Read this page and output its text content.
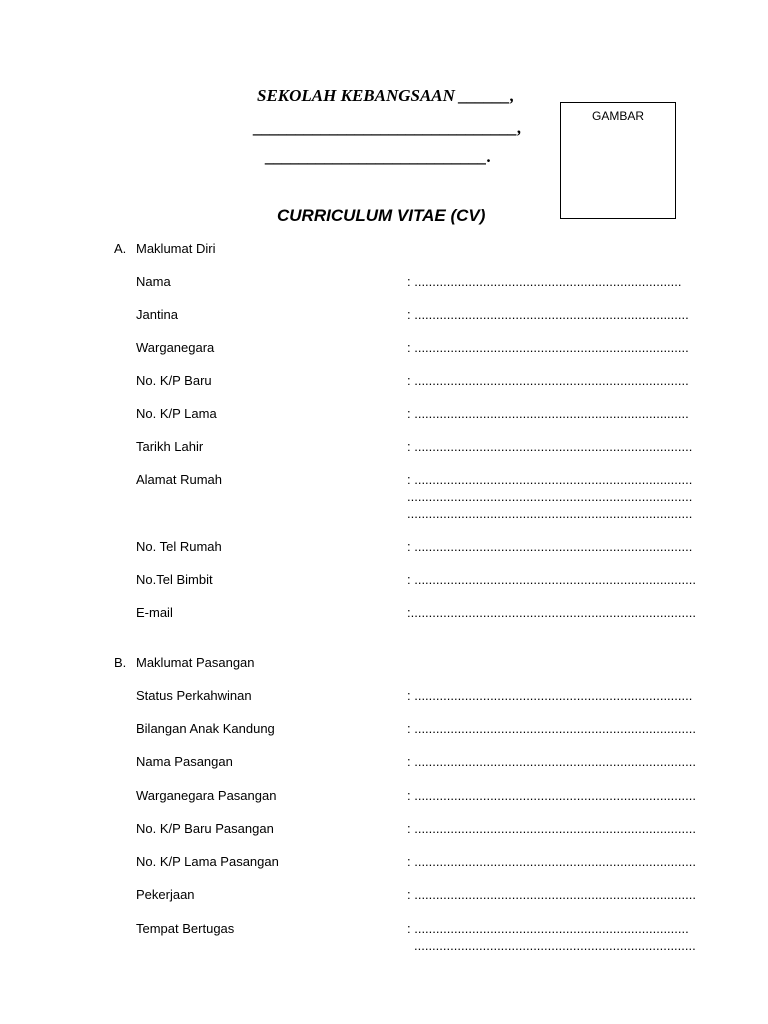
SEKOLAH KEBANGSAAN ______,
_______________________________,
__________________________.
GAMBAR
CURRICULUM VITAE (CV)
A. Maklumat Diri
Nama	: ..........................................................................
Jantina	: ............................................................................
Warganegara	: ............................................................................
No. K/P Baru	: ............................................................................
No. K/P Lama	: ............................................................................
Tarikh Lahir	: .............................................................................
Alamat Rumah	: .............................................................................
...............................................................................
...............................................................................
No. Tel Rumah	: .............................................................................
No.Tel Bimbit	: ..............................................................................
E-mail	:...............................................................................
B. Maklumat Pasangan
Status Perkahwinan	: .............................................................................
Bilangan Anak Kandung	: ..............................................................................
Nama Pasangan	: ..............................................................................
Warganegara Pasangan	: ..............................................................................
No. K/P Baru Pasangan	: ..............................................................................
No. K/P Lama Pasangan	: ..............................................................................
Pekerjaan	: ..............................................................................
Tempat Bertugas	: ............................................................................
..............................................................................
